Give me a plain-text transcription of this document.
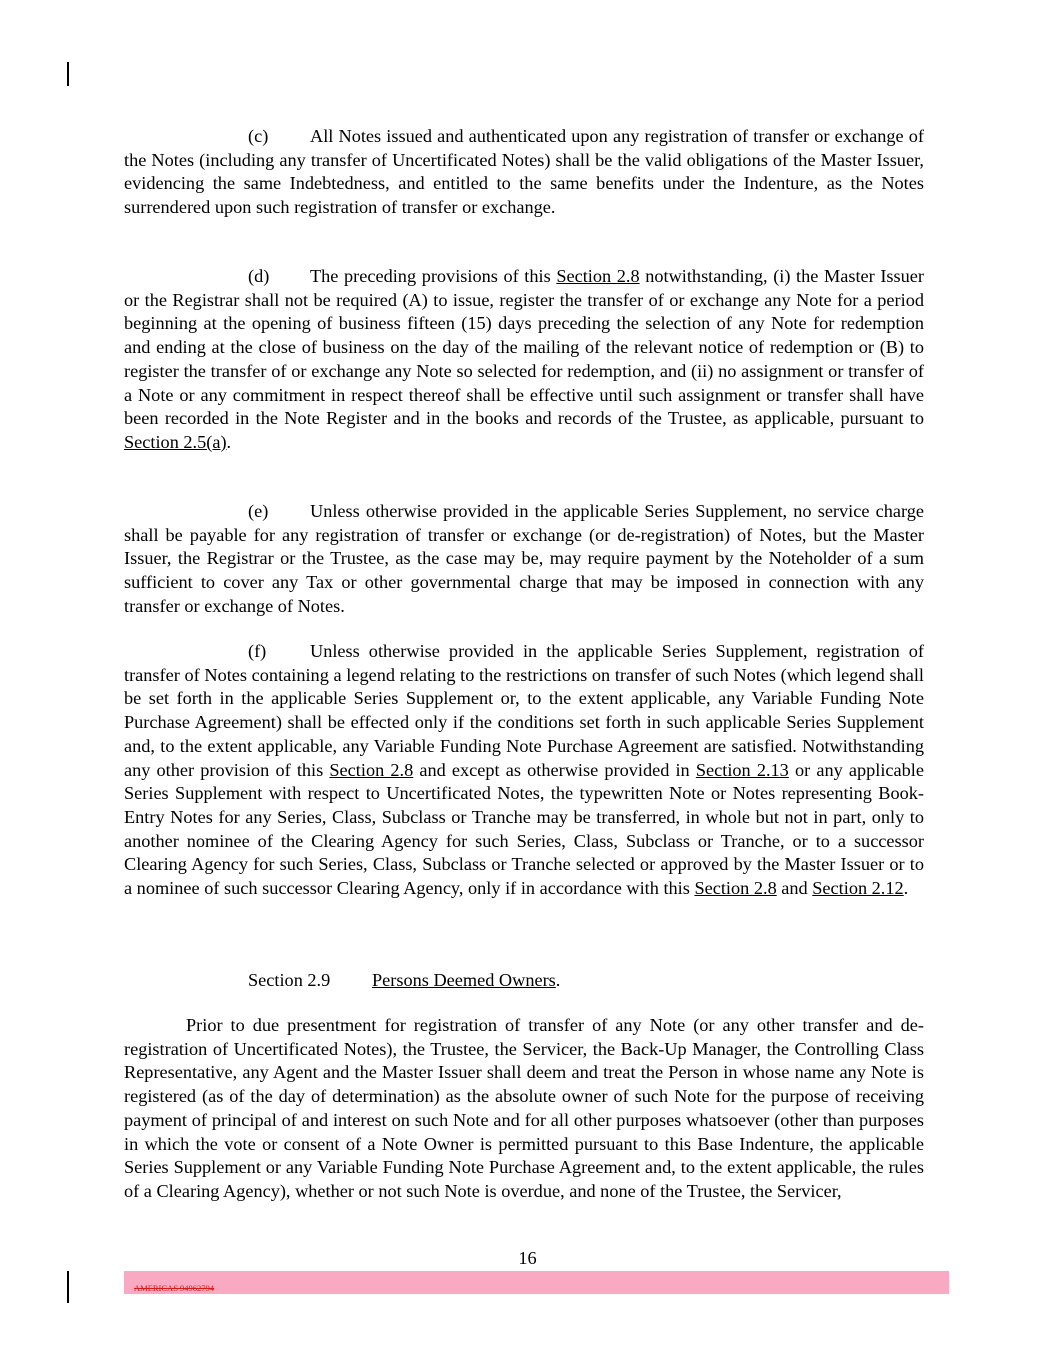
(c) All Notes issued and authenticated upon any registration of transfer or exchange of the Notes (including any transfer of Uncertificated Notes) shall be the valid obligations of the Master Issuer, evidencing the same Indebtedness, and entitled to the same benefits under the Indenture, as the Notes surrendered upon such registration of transfer or exchange.

(d) The preceding provisions of this Section 2.8 notwithstanding, (i) the Master Issuer or the Registrar shall not be required (A) to issue, register the transfer of or exchange any Note for a period beginning at the opening of business fifteen (15) days preceding the selection of any Note for redemption and ending at the close of business on the day of the mailing of the relevant notice of redemption or (B) to register the transfer of or exchange any Note so selected for redemption, and (ii) no assignment or transfer of a Note or any commitment in respect thereof shall be effective until such assignment or transfer shall have been recorded in the Note Register and in the books and records of the Trustee, as applicable, pursuant to Section 2.5(a).

(e) Unless otherwise provided in the applicable Series Supplement, no service charge shall be payable for any registration of transfer or exchange (or de-registration) of Notes, but the Master Issuer, the Registrar or the Trustee, as the case may be, may require payment by the Noteholder of a sum sufficient to cover any Tax or other governmental charge that may be imposed in connection with any transfer or exchange of Notes.

(f) Unless otherwise provided in the applicable Series Supplement, registration of transfer of Notes containing a legend relating to the restrictions on transfer of such Notes (which legend shall be set forth in the applicable Series Supplement or, to the extent applicable, any Variable Funding Note Purchase Agreement) shall be effected only if the conditions set forth in such applicable Series Supplement and, to the extent applicable, any Variable Funding Note Purchase Agreement are satisfied. Notwithstanding any other provision of this Section 2.8 and except as otherwise provided in Section 2.13 or any applicable Series Supplement with respect to Uncertificated Notes, the typewritten Note or Notes representing Book-Entry Notes for any Series, Class, Subclass or Tranche may be transferred, in whole but not in part, only to another nominee of the Clearing Agency for such Series, Class, Subclass or Tranche, or to a successor Clearing Agency for such Series, Class, Subclass or Tranche selected or approved by the Master Issuer or to a nominee of such successor Clearing Agency, only if in accordance with this Section 2.8 and Section 2.12.

Section 2.9 Persons Deemed Owners.

Prior to due presentment for registration of transfer of any Note (or any other transfer and de-registration of Uncertificated Notes), the Trustee, the Servicer, the Back-Up Manager, the Controlling Class Representative, any Agent and the Master Issuer shall deem and treat the Person in whose name any Note is registered (as of the day of determination) as the absolute owner of such Note for the purpose of receiving payment of principal of and interest on such Note and for all other purposes whatsoever (other than purposes in which the vote or consent of a Note Owner is permitted pursuant to this Base Indenture, the applicable Series Supplement or any Variable Funding Note Purchase Agreement and, to the extent applicable, the rules of a Clearing Agency), whether or not such Note is overdue, and none of the Trustee, the Servicer,

16
AMERICAS 94962794
